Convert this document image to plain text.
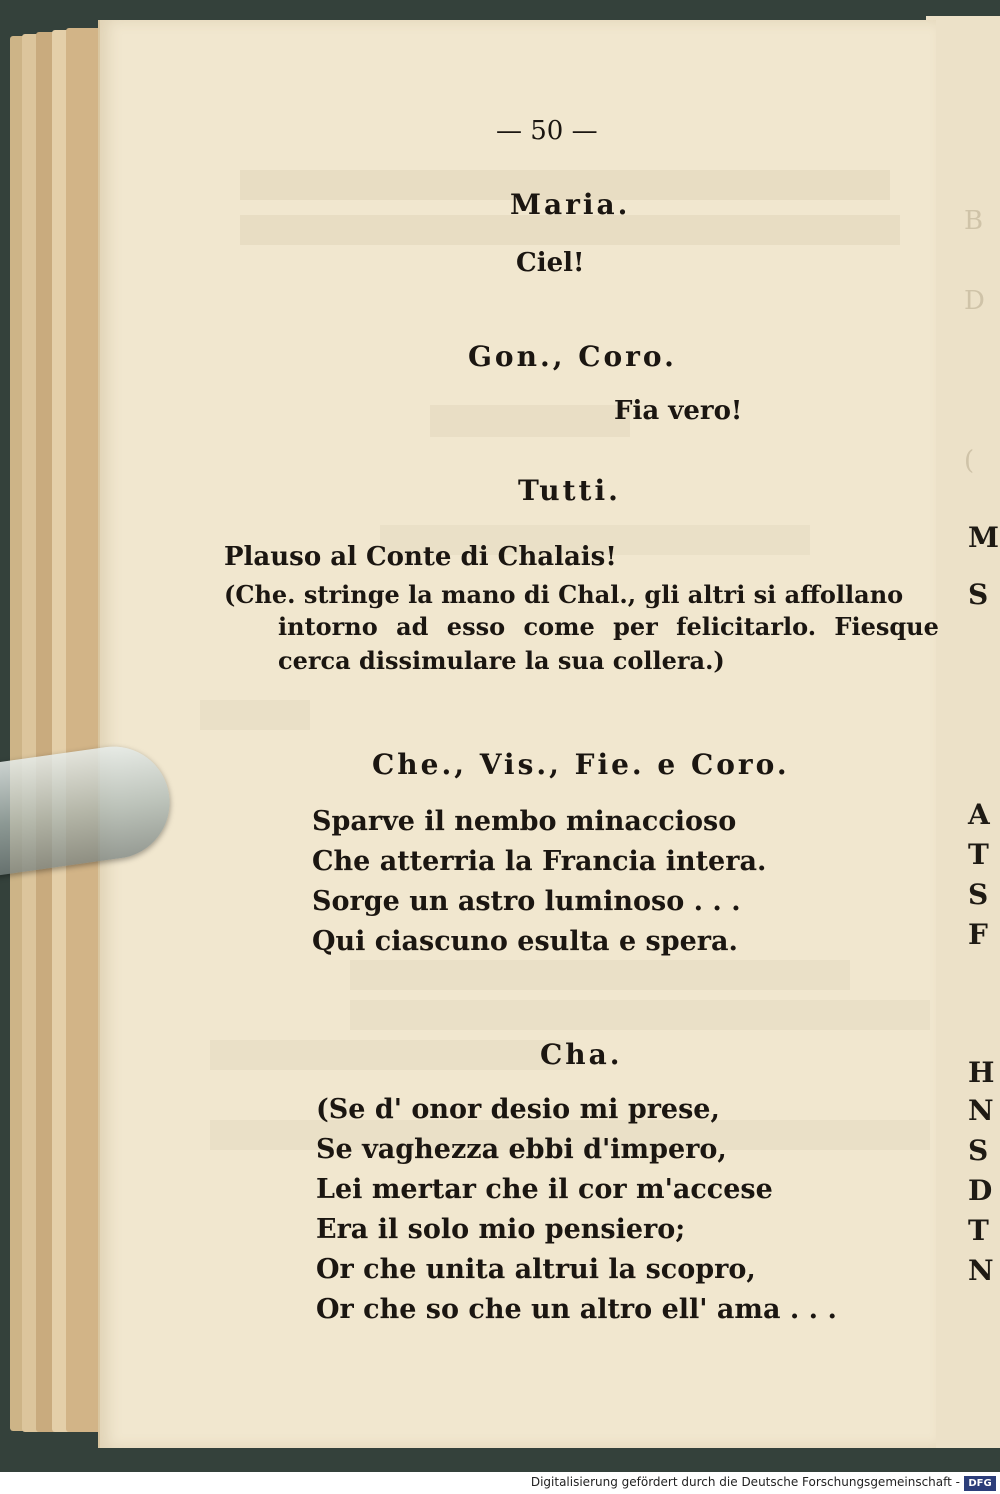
B
D
(
M
S
A
T
S
F
H
N
S
D
T
N

— 50 —

Maria.

Ciel!

Gon., Coro.

Fia vero!

Tutti.

Plauso al Conte di Chalais!

(Che. stringe la mano di Chal., gli altri si affollano

intorno ad esso come per felicitarlo. Fiesque

cerca dissimulare la sua collera.)

Che., Vis., Fie. e Coro.

Sparve il nembo minaccioso

Che atterria la Francia intera.

Sorge un astro luminoso . . .

Qui ciascuno esulta e spera.

Cha.

(Se d' onor desio mi prese,

Se vaghezza ebbi d'impero,

Lei mertar che il cor m'accese

Era il solo mio pensiero;

Or che unita altrui la scopro,

Or che so che un altro ell' ama . . .

Digitalisierung gefördert durch die Deutsche Forschungsgemeinschaft - DFG
